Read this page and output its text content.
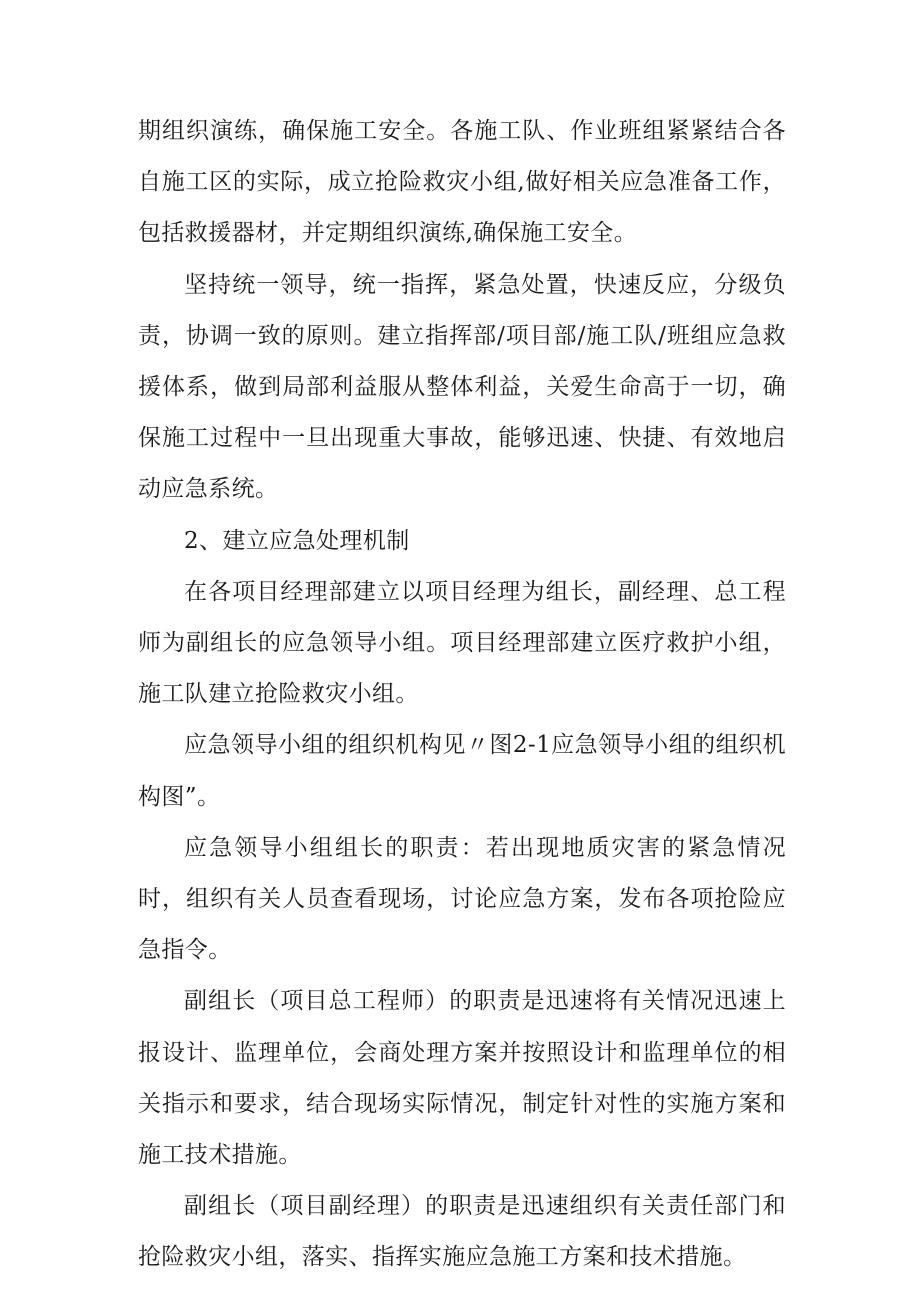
期组织演练，确保施工安全。各施工队、作业班组紧紧结合各自施工区的实际，成立抢险救灾小组,做好相关应急准备工作，包括救援器材，并定期组织演练,确保施工安全。

坚持统一领导，统一指挥，紧急处置，快速反应，分级负责，协调一致的原则。建立指挥部/项目部/施工队/班组应急救援体系，做到局部利益服从整体利益，关爱生命高于一切，确保施工过程中一旦出现重大事故，能够迅速、快捷、有效地启动应急系统。

2、建立应急处理机制

在各项目经理部建立以项目经理为组长，副经理、总工程师为副组长的应急领导小组。项目经理部建立医疗救护小组，施工队建立抢险救灾小组。

应急领导小组的组织机构见〃图2-1应急领导小组的组织机构图”。

应急领导小组组长的职责：若出现地质灾害的紧急情况时，组织有关人员查看现场，讨论应急方案，发布各项抢险应急指令。

副组长（项目总工程师）的职责是迅速将有关情况迅速上报设计、监理单位，会商处理方案并按照设计和监理单位的相关指示和要求，结合现场实际情况，制定针对性的实施方案和施工技术措施。

副组长（项目副经理）的职责是迅速组织有关责任部门和抢险救灾小组，落实、指挥实施应急施工方案和技术措施。
